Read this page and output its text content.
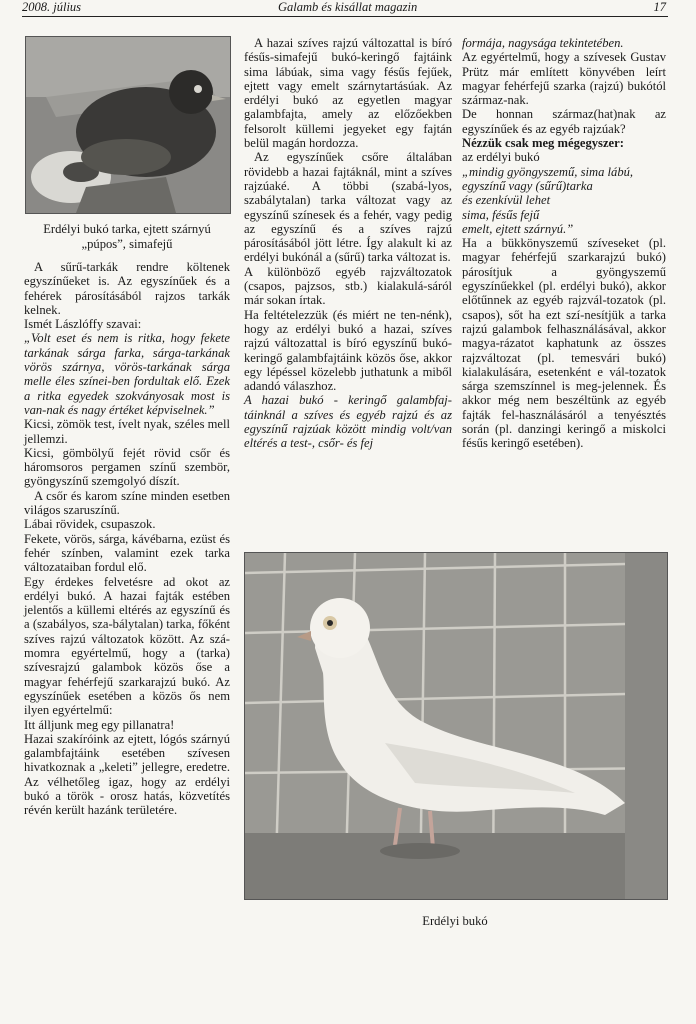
2008. július	Galamb és kisállat magazin	17
Erdélyi bukó tarka, ejtett szárnyú
„púpos”, simafejű

A sűrű-tarkák rendre költenek egyszínűeket is. Az egyszínűek és a fehérek párosításából rajzos tarkák kelnek.

Ismét Lászlóffy szavai:

„Volt eset és nem is ritka, hogy fekete tarkának sárga farka, sárga-tarkának vörös szárnya, vörös-tarkának sárga melle éles színei-ben fordultak elő. Ezek a ritka egyedek szokványosak most is van-nak és nagy értéket képviselnek.”

Kicsi, zömök test, ívelt nyak, széles mell jellemzi.

Kicsi, gömbölyű fejét rövid csőr és háromsoros pergamen színű szembör, gyöngyszínű szemgolyó díszít.

A csőr és karom színe minden esetben világos szaruszínű.

Lábai rövidek, csupaszok.

Fekete, vörös, sárga, kávébarna, ezüst és fehér színben, valamint ezek tarka változataiban fordul elő.

Egy érdekes felvetésre ad okot az erdélyi bukó. A hazai fajták estében jelentős a küllemi eltérés az egyszínű és a (szabályos, sza-bálytalan) tarka, főként szíves rajzú változatok között. Az szá-momra egyértelmű, hogy a (tarka) szívesrajzú galambok közös őse a magyar fehérfejű szarkarajzú bukó. Az egyszínűek esetében a közös ős nem ilyen egyértelmű:

Itt álljunk meg egy pillanatra!

Hazai szakíróink az ejtett, lógós szárnyú galambfajtáink esetében szívesen hivatkoznak a „keleti” jellegre, eredetre. Az vélhetőleg igaz, hogy az erdélyi bukó a török - orosz hatás, közvetítés révén került hazánk területére.

A hazai szíves rajzú változattal is bíró fésűs-simafejű bukó-keringő fajtáink sima lábúak, sima vagy fésűs fejűek, ejtett vagy emelt szárnytartásúak. Az erdélyi bukó az egyetlen magyar galambfajta, amely az előzőekben felsorolt küllemi jegyeket egy fajtán belül magán hordozza.

Az egyszínűek csőre általában rövidebb a hazai fajtáknál, mint a szíves rajzúaké. A többi (szabá-lyos, szabálytalan) tarka változat vagy az egyszínű színesek és a fehér, vagy pedig az egyszínű és a szíves rajzú párosításából jött létre. Így alakult ki az erdélyi bukónál a (sűrű) tarka változat is.

A különböző egyéb rajzváltozatok (csapos, pajzsos, stb.) kialakulá-sáról már sokan írtak.

Ha feltételezzük (és miért ne ten-nénk), hogy az erdélyi bukó a hazai, szíves rajzú változattal is bíró egyszínű bukó-keringő galambfajtáink közös őse, akkor egy lépéssel közelebb juthatunk a miből adandó válaszhoz.

A hazai bukó - keringő galambfaj-táinknál a szíves és egyéb rajzú és az egyszínű rajzúak között mindig volt/van eltérés a test-, csőr- és fej

formája, nagysága tekintetében.

Az egyértelmű, hogy a szívesek Gustav Prütz már említett könyvében leírt magyar fehérfejű szarka (rajzú) bukótól származ-nak.

De honnan származ(hat)nak az egyszínűek és az egyéb rajzúak?

Nézzük csak meg mégegyszer:

az erdélyi bukó

„mindig gyöngyszemű, sima lábú,

egyszínű vagy (sűrű)tarka

és ezenkívül lehet

sima, fésűs fejű

emelt, ejtett szárnyú.”

Ha a bükkönyszemű szíveseket (pl. magyar fehérfejű szarkarajzú bukó) párosítjuk a gyöngyszemű egyszínűekkel (pl. erdélyi bukó), akkor előtűnnek az egyéb rajzvál-tozatok (pl. csapos), sőt ha ezt szí-nesítjük a tarka rajzú galambok felhasználásával, akkor magya-rázatot kaphatunk az összes rajzváltozat (pl. temesvári bukó) kialakulására, esetenként e vál-tozatok sárga szemszínnel is meg-jelennek. És akkor még nem beszéltünk az egyéb fajták fel-használásáról a tenyésztés során (pl. danzingi keringő a miskolci fésűs keringő esetében).

Erdélyi bukó
